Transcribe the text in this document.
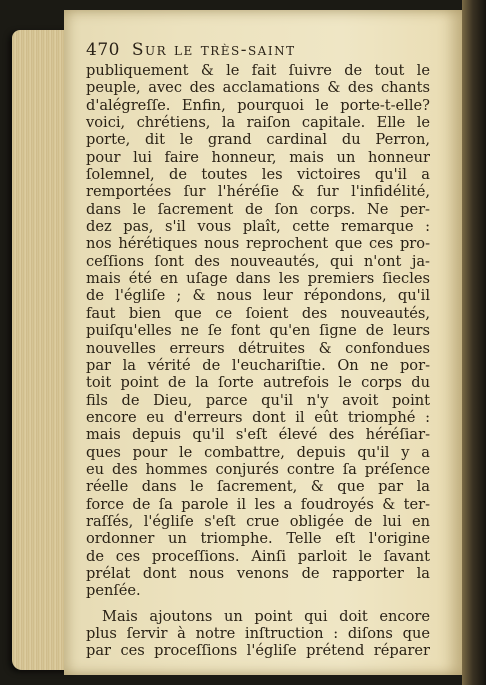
470 Sur le très-saint
publiquement & le fait ſuivre de tout le
peuple, avec des acclamations & des chants
d'alégreſſe. Enfin, pourquoi le porte-t-elle?
voici, chrétiens, la raiſon capitale. Elle le
porte, dit le grand cardinal du Perron,
pour lui faire honneur, mais un honneur
ſolemnel, de toutes les victoires qu'il a
remportées ſur l'héréſie & ſur l'infidélité,
dans le ſacrement de ſon corps. Ne per-
dez pas, s'il vous plaît, cette remarque :
nos hérétiques nous reprochent que ces pro-
ceſſions ſont des nouveautés, qui n'ont ja-
mais été en uſage dans les premiers ſiecles
de l'égliſe ; & nous leur répondons, qu'il
faut bien que ce ſoient des nouveautés,
puiſqu'elles ne ſe font qu'en ſigne de leurs
nouvelles erreurs détruites & confondues
par la vérité de l'euchariſtie. On ne por-
toit point de la ſorte autrefois le corps du
fils de Dieu, parce qu'il n'y avoit point
encore eu d'erreurs dont il eût triomphé :
mais depuis qu'il s'eſt élevé des héréſiar-
ques pour le combattre, depuis qu'il y a
eu des hommes conjurés contre ſa préſence
réelle dans le ſacrement, & que par la
force de ſa parole il les a foudroyés & ter-
raſſés, l'égliſe s'eſt crue obligée de lui en
ordonner un triomphe. Telle eſt l'origine
de ces proceſſions. Ainſi parloit le ſavant
prélat dont nous venons de rapporter la
penſée.
Mais ajoutons un point qui doit encore
plus ſervir à notre inſtruction : diſons que
par ces proceſſions l'égliſe prétend réparer
